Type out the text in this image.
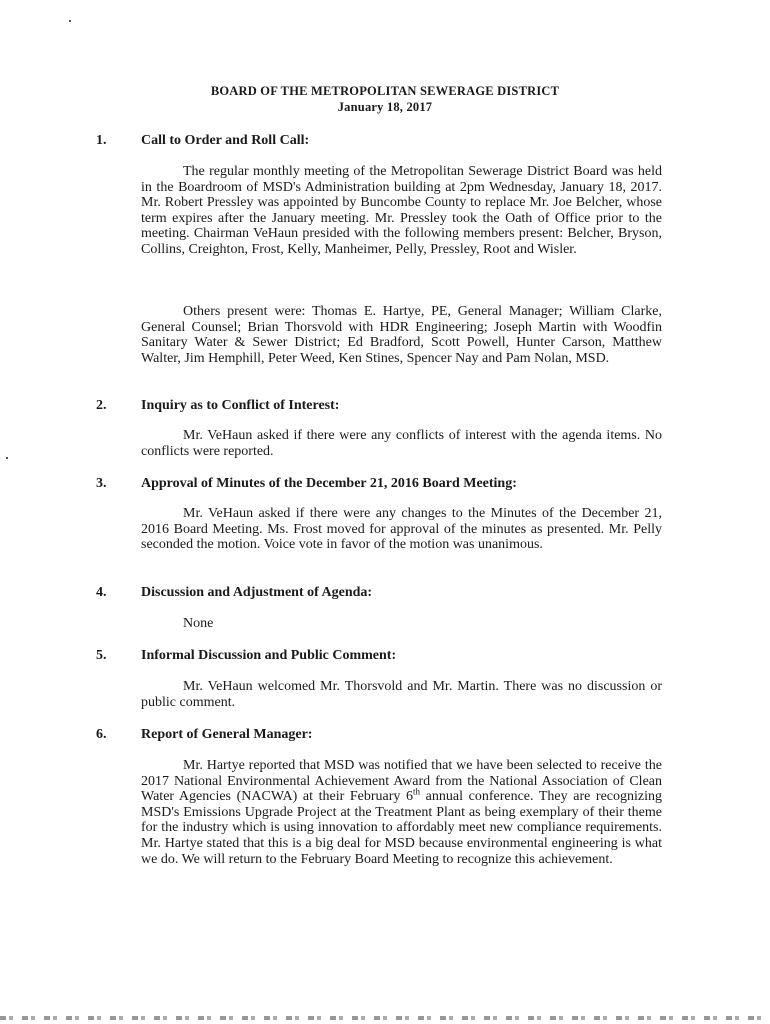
BOARD OF THE METROPOLITAN SEWERAGE DISTRICT
January 18, 2017
1. Call to Order and Roll Call:
The regular monthly meeting of the Metropolitan Sewerage District Board was held in the Boardroom of MSD's Administration building at 2pm Wednesday, January 18, 2017. Mr. Robert Pressley was appointed by Buncombe County to replace Mr. Joe Belcher, whose term expires after the January meeting. Mr. Pressley took the Oath of Office prior to the meeting. Chairman VeHaun presided with the following members present: Belcher, Bryson, Collins, Creighton, Frost, Kelly, Manheimer, Pelly, Pressley, Root and Wisler.
Others present were: Thomas E. Hartye, PE, General Manager; William Clarke, General Counsel; Brian Thorsvold with HDR Engineering; Joseph Martin with Woodfin Sanitary Water & Sewer District; Ed Bradford, Scott Powell, Hunter Carson, Matthew Walter, Jim Hemphill, Peter Weed, Ken Stines, Spencer Nay and Pam Nolan, MSD.
2. Inquiry as to Conflict of Interest:
Mr. VeHaun asked if there were any conflicts of interest with the agenda items. No conflicts were reported.
3. Approval of Minutes of the December 21, 2016 Board Meeting:
Mr. VeHaun asked if there were any changes to the Minutes of the December 21, 2016 Board Meeting. Ms. Frost moved for approval of the minutes as presented. Mr. Pelly seconded the motion. Voice vote in favor of the motion was unanimous.
4. Discussion and Adjustment of Agenda:
None
5. Informal Discussion and Public Comment:
Mr. VeHaun welcomed Mr. Thorsvold and Mr. Martin. There was no discussion or public comment.
6. Report of General Manager:
Mr. Hartye reported that MSD was notified that we have been selected to receive the 2017 National Environmental Achievement Award from the National Association of Clean Water Agencies (NACWA) at their February 6th annual conference. They are recognizing MSD's Emissions Upgrade Project at the Treatment Plant as being exemplary of their theme for the industry which is using innovation to affordably meet new compliance requirements. Mr. Hartye stated that this is a big deal for MSD because environmental engineering is what we do. We will return to the February Board Meeting to recognize this achievement.
